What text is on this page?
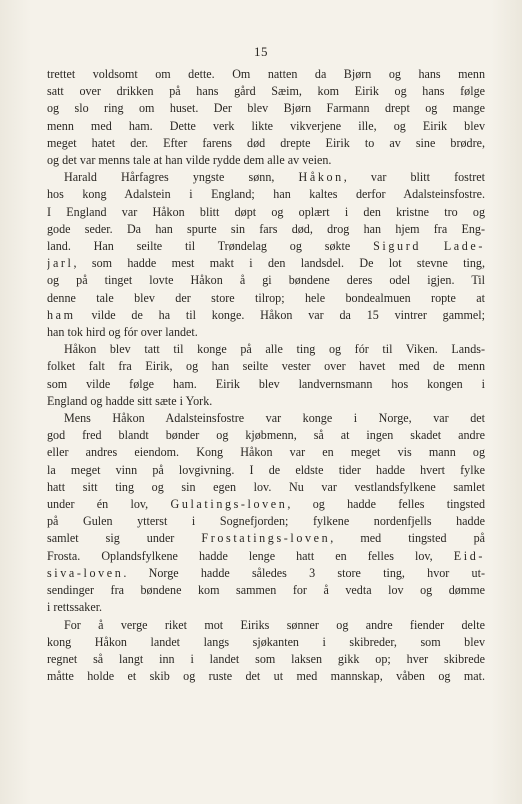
15
trettet voldsomt om dette. Om natten da Bjørn og hans menn
satt over drikken på hans gård Sæim, kom Eirik og hans følge
og slo ring om huset. Der blev Bjørn Farmann drept og mange
menn med ham. Dette verk likte vikverjene ille, og Eirik blev
meget hatet der. Efter farens død drepte Eirik to av sine brødre,
og det var menns tale at han vilde rydde dem alle av veien.
Harald Hårfagres yngste sønn, Håkon, var blitt fostret
hos kong Adalstein i England; han kaltes derfor Adalsteinsfostre.
I England var Håkon blitt døpt og oplært i den kristne tro og
gode seder. Da han spurte sin fars død, drog han hjem fra Eng-
land. Han seilte til Trøndelag og søkte Sigurd Lade-
jarl, som hadde mest makt i den landsdel. De lot stevne ting,
og på tinget lovte Håkon å gi bøndene deres odel igjen. Til
denne tale blev der store tilrop; hele bondealmuen ropte at
ham vilde de ha til konge. Håkon var da 15 vintrer gammel;
han tok hird og fór over landet.
Håkon blev tatt til konge på alle ting og fór til Viken. Lands-
folket falt fra Eirik, og han seilte vester over havet med de menn
som vilde følge ham. Eirik blev landvernsmann hos kongen i
England og hadde sitt sæte i York.
Mens Håkon Adalsteinsfostre var konge i Norge, var det
god fred blandt bønder og kjøbmenn, så at ingen skadet andre
eller andres eiendom. Kong Håkon var en meget vis mann og
la meget vinn på lovgivning. I de eldste tider hadde hvert fylke
hatt sitt ting og sin egen lov. Nu var vestlandsfylkene samlet
under én lov, Gulatings-loven, og hadde felles tingsted
på Gulen ytterst i Sognefjorden; fylkene nordenfjells hadde
samlet sig under Frostatings-loven, med tingsted på
Frosta. Oplandsfylkene hadde lenge hatt en felles lov, Eid-
siva-loven. Norge hadde således 3 store ting, hvor ut-
sendinger fra bøndene kom sammen for å vedta lov og dømme
i rettssaker.
For å verge riket mot Eiriks sønner og andre fiender delte
kong Håkon landet langs sjøkanten i skibreder, som blev
regnet så langt inn i landet som laksen gikk op; hver skibrede
måtte holde et skib og ruste det ut med mannskap, våben og mat.
